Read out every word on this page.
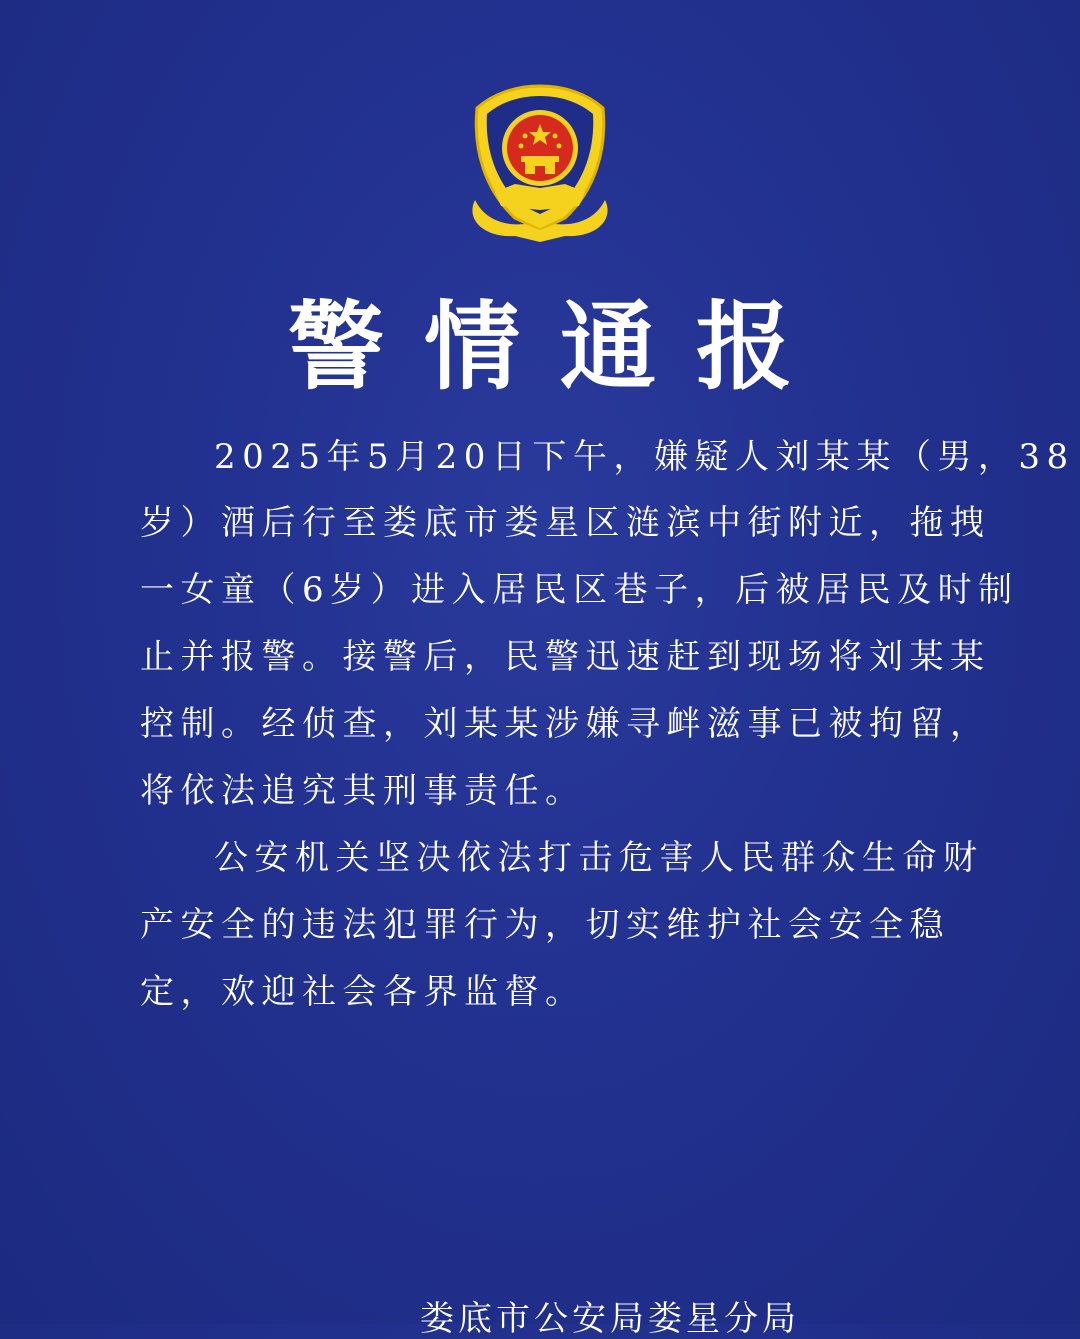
警情通报
2025年5月20日下午，嫌疑人刘某某（男，38
岁）酒后行至娄底市娄星区涟滨中街附近，拖拽
一女童（6岁）进入居民区巷子，后被居民及时制
止并报警。接警后，民警迅速赶到现场将刘某某
控制。经侦查，刘某某涉嫌寻衅滋事已被拘留，
将依法追究其刑事责任。
公安机关坚决依法打击危害人民群众生命财
产安全的违法犯罪行为，切实维护社会安全稳
定，欢迎社会各界监督。
娄底市公安局娄星分局
